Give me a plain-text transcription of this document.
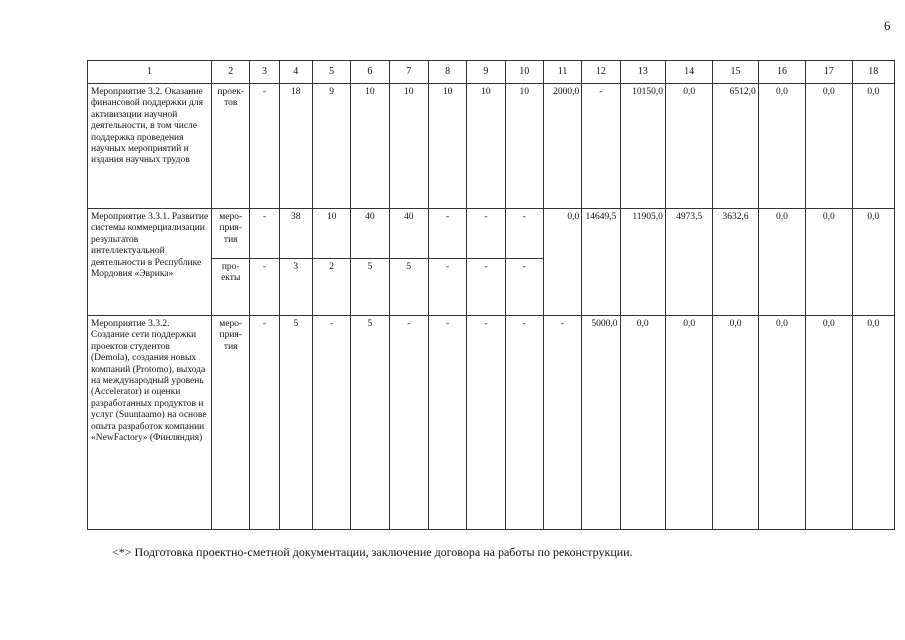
6
1	2	3	4	5	6	7	8	9	10	11	12	13	14	15	16	17	18
Мероприятие 3.2. Оказание финансовой поддержки для активизации научной деятельности, в том числе поддержка проведения научных мероприятий и издания научных трудов	проек-тов	-	18	9	10	10	10	10	10	2000,0	-	10150,0	0,0	6512,0	0,0	0,0	0,0
Мероприятие 3.3.1. Развитие системы коммерциализации результатов интеллектуальной деятельности в Республике Мордовия «Эврика»	меро-прия-тия	-	38	10	40	40	-	-	-	0,0	14649,5	11905,0	4973,5	3632,6	0,0	0,0	0,0
	про-екты	-	3	2	5	5	-	-	-								
Мероприятие 3.3.2. Создание сети поддержки проектов студентов (Demola), создания новых компаний (Protomo), выхода на международный уровень (Accelerator) и оценки разработанных продуктов и услуг (Suuntaamo) на основе опыта разработок компании «NewFactory» (Финляндия)	меро-прия-тия	-	5	-	5	-	-	-	-	-	5000,0	0,0	0,0	0,0	0,0	0,0	0,0
<*> Подготовка проектно-сметной документации, заключение договора на работы по реконструкции.
